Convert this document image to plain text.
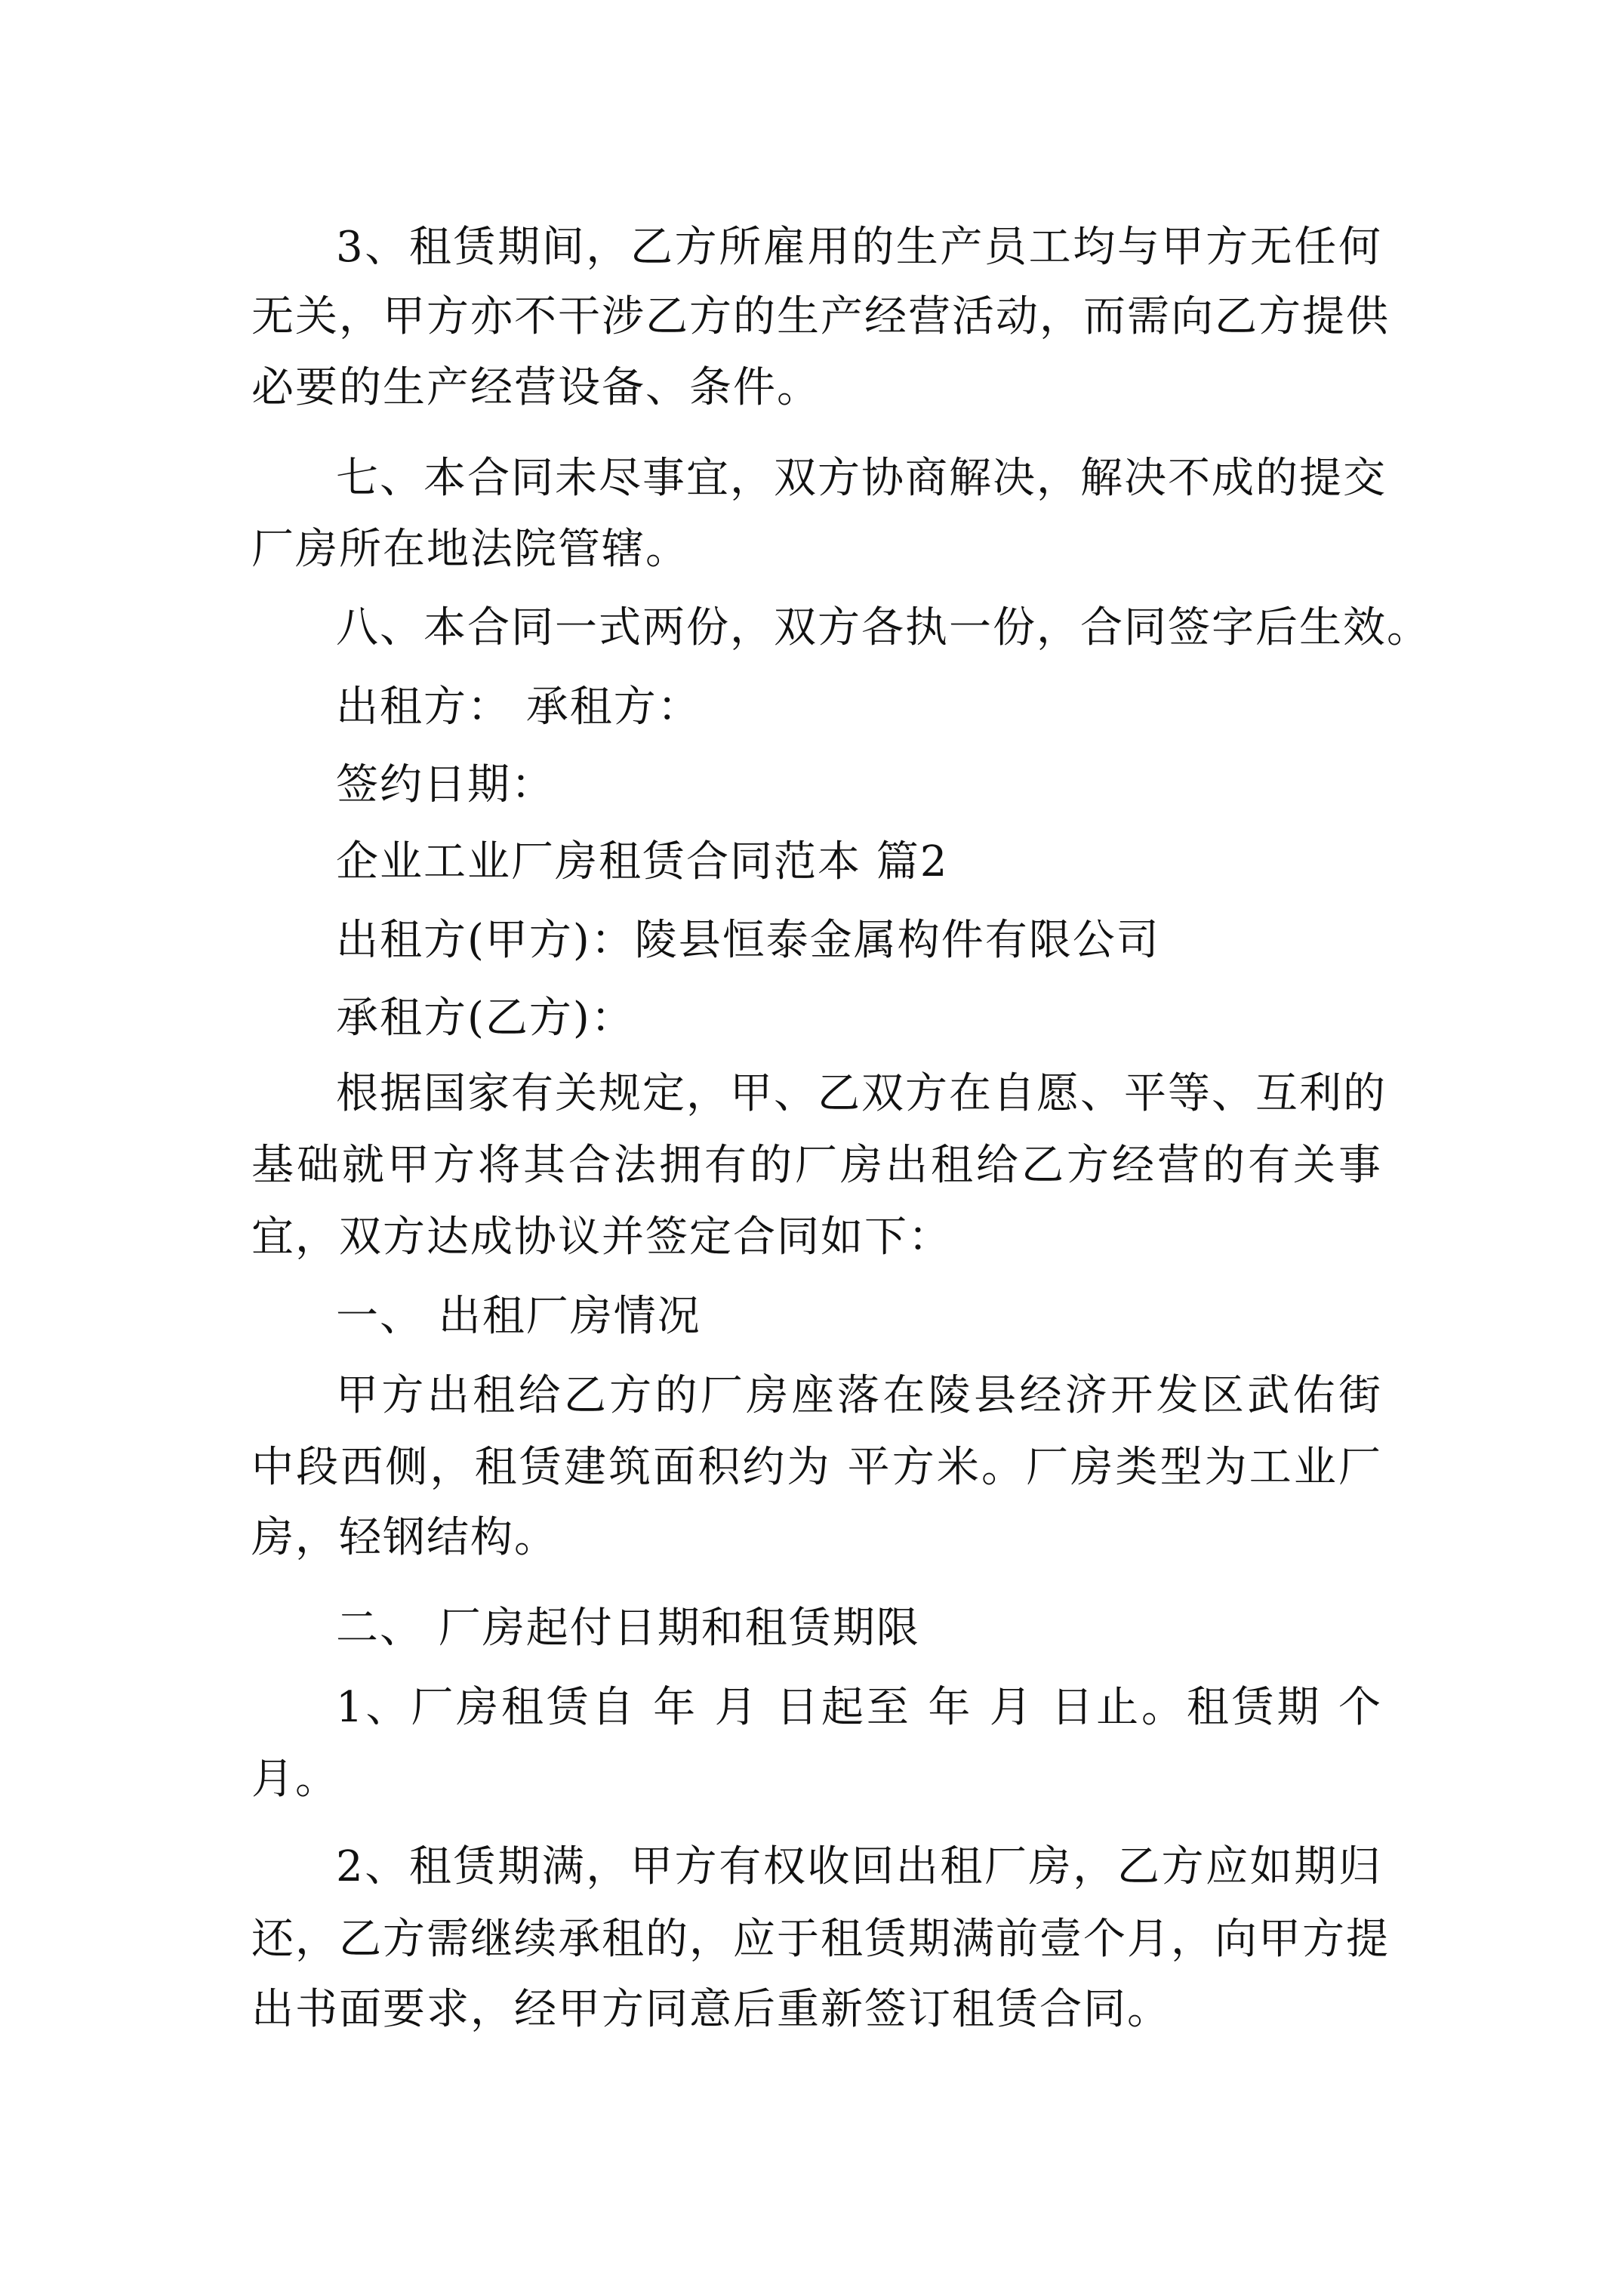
3、租赁期间，乙方所雇用的生产员工均与甲方无任何
无关，甲方亦不干涉乙方的生产经营活动，而需向乙方提供
必要的生产经营设备、条件。
七、本合同未尽事宜，双方协商解决，解决不成的提交
厂房所在地法院管辖。
八、本合同一式两份，双方各执一份，合同签字后生效。
出租方： 承租方：
签约日期：
企业工业厂房租赁合同范本 篇2
出租方(甲方)：陵县恒泰金属构件有限公司
承租方(乙方)：
根据国家有关规定，甲、乙双方在自愿、平等、互利的
基础就甲方将其合法拥有的厂房出租给乙方经营的有关事
宜，双方达成协议并签定合同如下：
一、 出租厂房情况
甲方出租给乙方的厂房座落在陵县经济开发区武佑街
中段西侧，租赁建筑面积约为 平方米。厂房类型为工业厂
房，轻钢结构。
二、 厂房起付日期和租赁期限
1、厂房租赁自 年 月 日起至 年 月 日止。租赁期 个
月。
2、租赁期满，甲方有权收回出租厂房，乙方应如期归
还，乙方需继续承租的，应于租赁期满前壹个月，向甲方提
出书面要求，经甲方同意后重新签订租赁合同。
